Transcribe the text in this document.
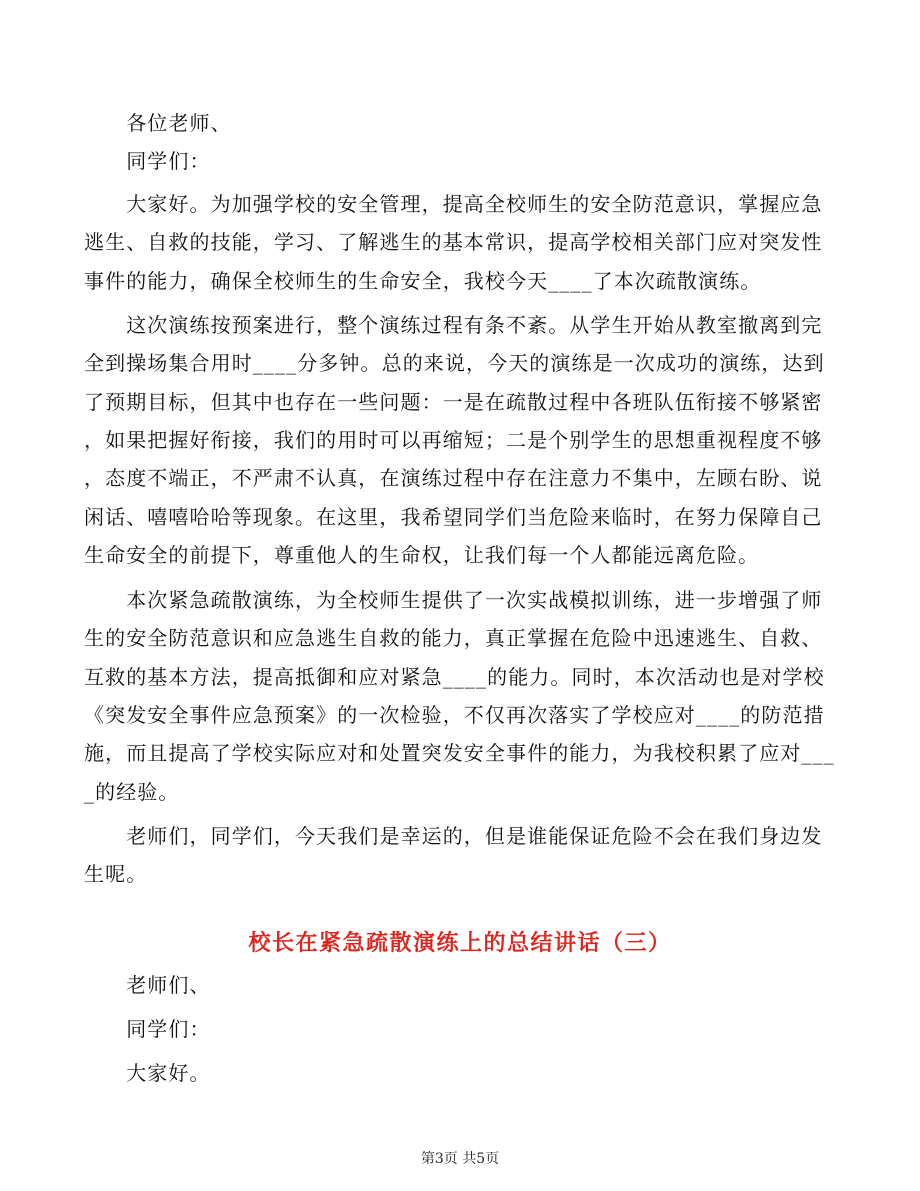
　　各位老师、
　　同学们：
　　大家好。为加强学校的安全管理，提高全校师生的安全防范意识，掌握应急
逃生、自救的技能，学习、了解逃生的基本常识，提高学校相关部门应对突发性
事件的能力，确保全校师生的生命安全，我校今天____了本次疏散演练。
　　这次演练按预案进行，整个演练过程有条不紊。从学生开始从教室撤离到完
全到操场集合用时____分多钟。总的来说，今天的演练是一次成功的演练，达到
了预期目标，但其中也存在一些问题：一是在疏散过程中各班队伍衔接不够紧密
，如果把握好衔接，我们的用时可以再缩短；二是个别学生的思想重视程度不够
，态度不端正，不严肃不认真，在演练过程中存在注意力不集中，左顾右盼、说
闲话、嘻嘻哈哈等现象。在这里，我希望同学们当危险来临时，在努力保障自己
生命安全的前提下，尊重他人的生命权，让我们每一个人都能远离危险。
　　本次紧急疏散演练，为全校师生提供了一次实战模拟训练，进一步增强了师
生的安全防范意识和应急逃生自救的能力，真正掌握在危险中迅速逃生、自救、
互救的基本方法，提高抵御和应对紧急____的能力。同时，本次活动也是对学校
《突发安全事件应急预案》的一次检验，不仅再次落实了学校应对____的防范措
施，而且提高了学校实际应对和处置突发安全事件的能力，为我校积累了应对___
_的经验。
　　老师们，同学们，今天我们是幸运的，但是谁能保证危险不会在我们身边发
生呢。
校长在紧急疏散演练上的总结讲话（三）
　　老师们、
　　同学们：
　　大家好。
第3页 共5页
